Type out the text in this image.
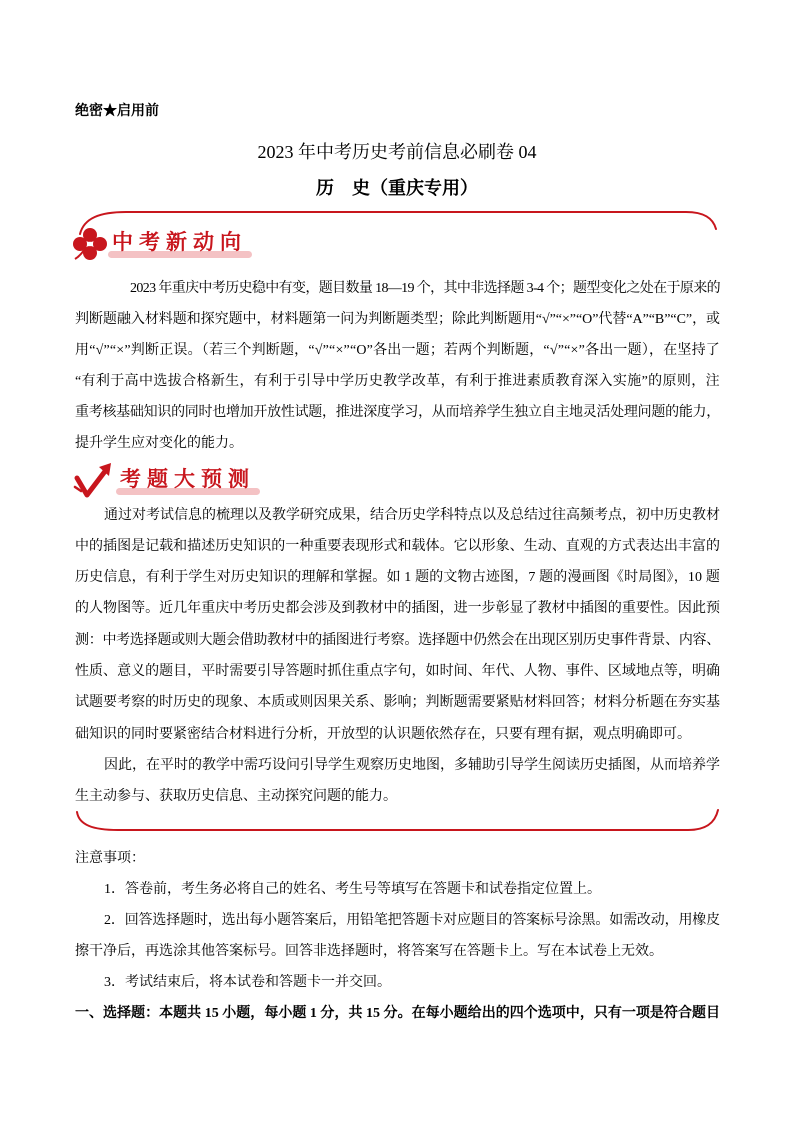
绝密★启用前
2023 年中考历史考前信息必刷卷 04
历　史（重庆专用）
中考新动向
2023 年重庆中考历史稳中有变，题目数量 18—19 个，其中非选择题 3-4 个；题型变化之处在于原来的
判断题融入材料题和探究题中，材料题第一问为判断题类型；除此判断题用“√”“×”“O”代替“A”“B”“C”，或
用“√”“×”判断正误。（若三个判断题，“√”“×”“O”各出一题；若两个判断题，“√”“×”各出一题），在坚持了
“有利于高中选拔合格新生，有利于引导中学历史教学改革，有利于推进素质教育深入实施”的原则，注
重考核基础知识的同时也增加开放性试题，推进深度学习，从而培养学生独立自主地灵活处理问题的能力，
提升学生应对变化的能力。
考题大预测
通过对考试信息的梳理以及教学研究成果，结合历史学科特点以及总结过往高频考点，初中历史教材
中的插图是记载和描述历史知识的一种重要表现形式和载体。它以形象、生动、直观的方式表达出丰富的
历史信息，有利于学生对历史知识的理解和掌握。如 1 题的文物古迹图，7 题的漫画图《时局图》，10 题
的人物图等。近几年重庆中考历史都会涉及到教材中的插图，进一步彰显了教材中插图的重要性。因此预
测：中考选择题或则大题会借助教材中的插图进行考察。选择题中仍然会在出现区别历史事件背景、内容、
性质、意义的题目，平时需要引导答题时抓住重点字句，如时间、年代、人物、事件、区域地点等，明确
试题要考察的时历史的现象、本质或则因果关系、影响；判断题需要紧贴材料回答；材料分析题在夯实基
础知识的同时要紧密结合材料进行分析，开放型的认识题依然存在，只要有理有据，观点明确即可。
因此，在平时的教学中需巧设问引导学生观察历史地图，多辅助引导学生阅读历史插图，从而培养学
生主动参与、获取历史信息、主动探究问题的能力。
注意事项：
1．答卷前，考生务必将自己的姓名、考生号等填写在答题卡和试卷指定位置上。
2．回答选择题时，选出每小题答案后，用铅笔把答题卡对应题目的答案标号涂黑。如需改动，用橡皮
擦干净后，再选涂其他答案标号。回答非选择题时，将答案写在答题卡上。写在本试卷上无效。
3．考试结束后，将本试卷和答题卡一并交回。
一、选择题：本题共 15 小题，每小题 1 分，共 15 分。在每小题给出的四个选项中，只有一项是符合题目
